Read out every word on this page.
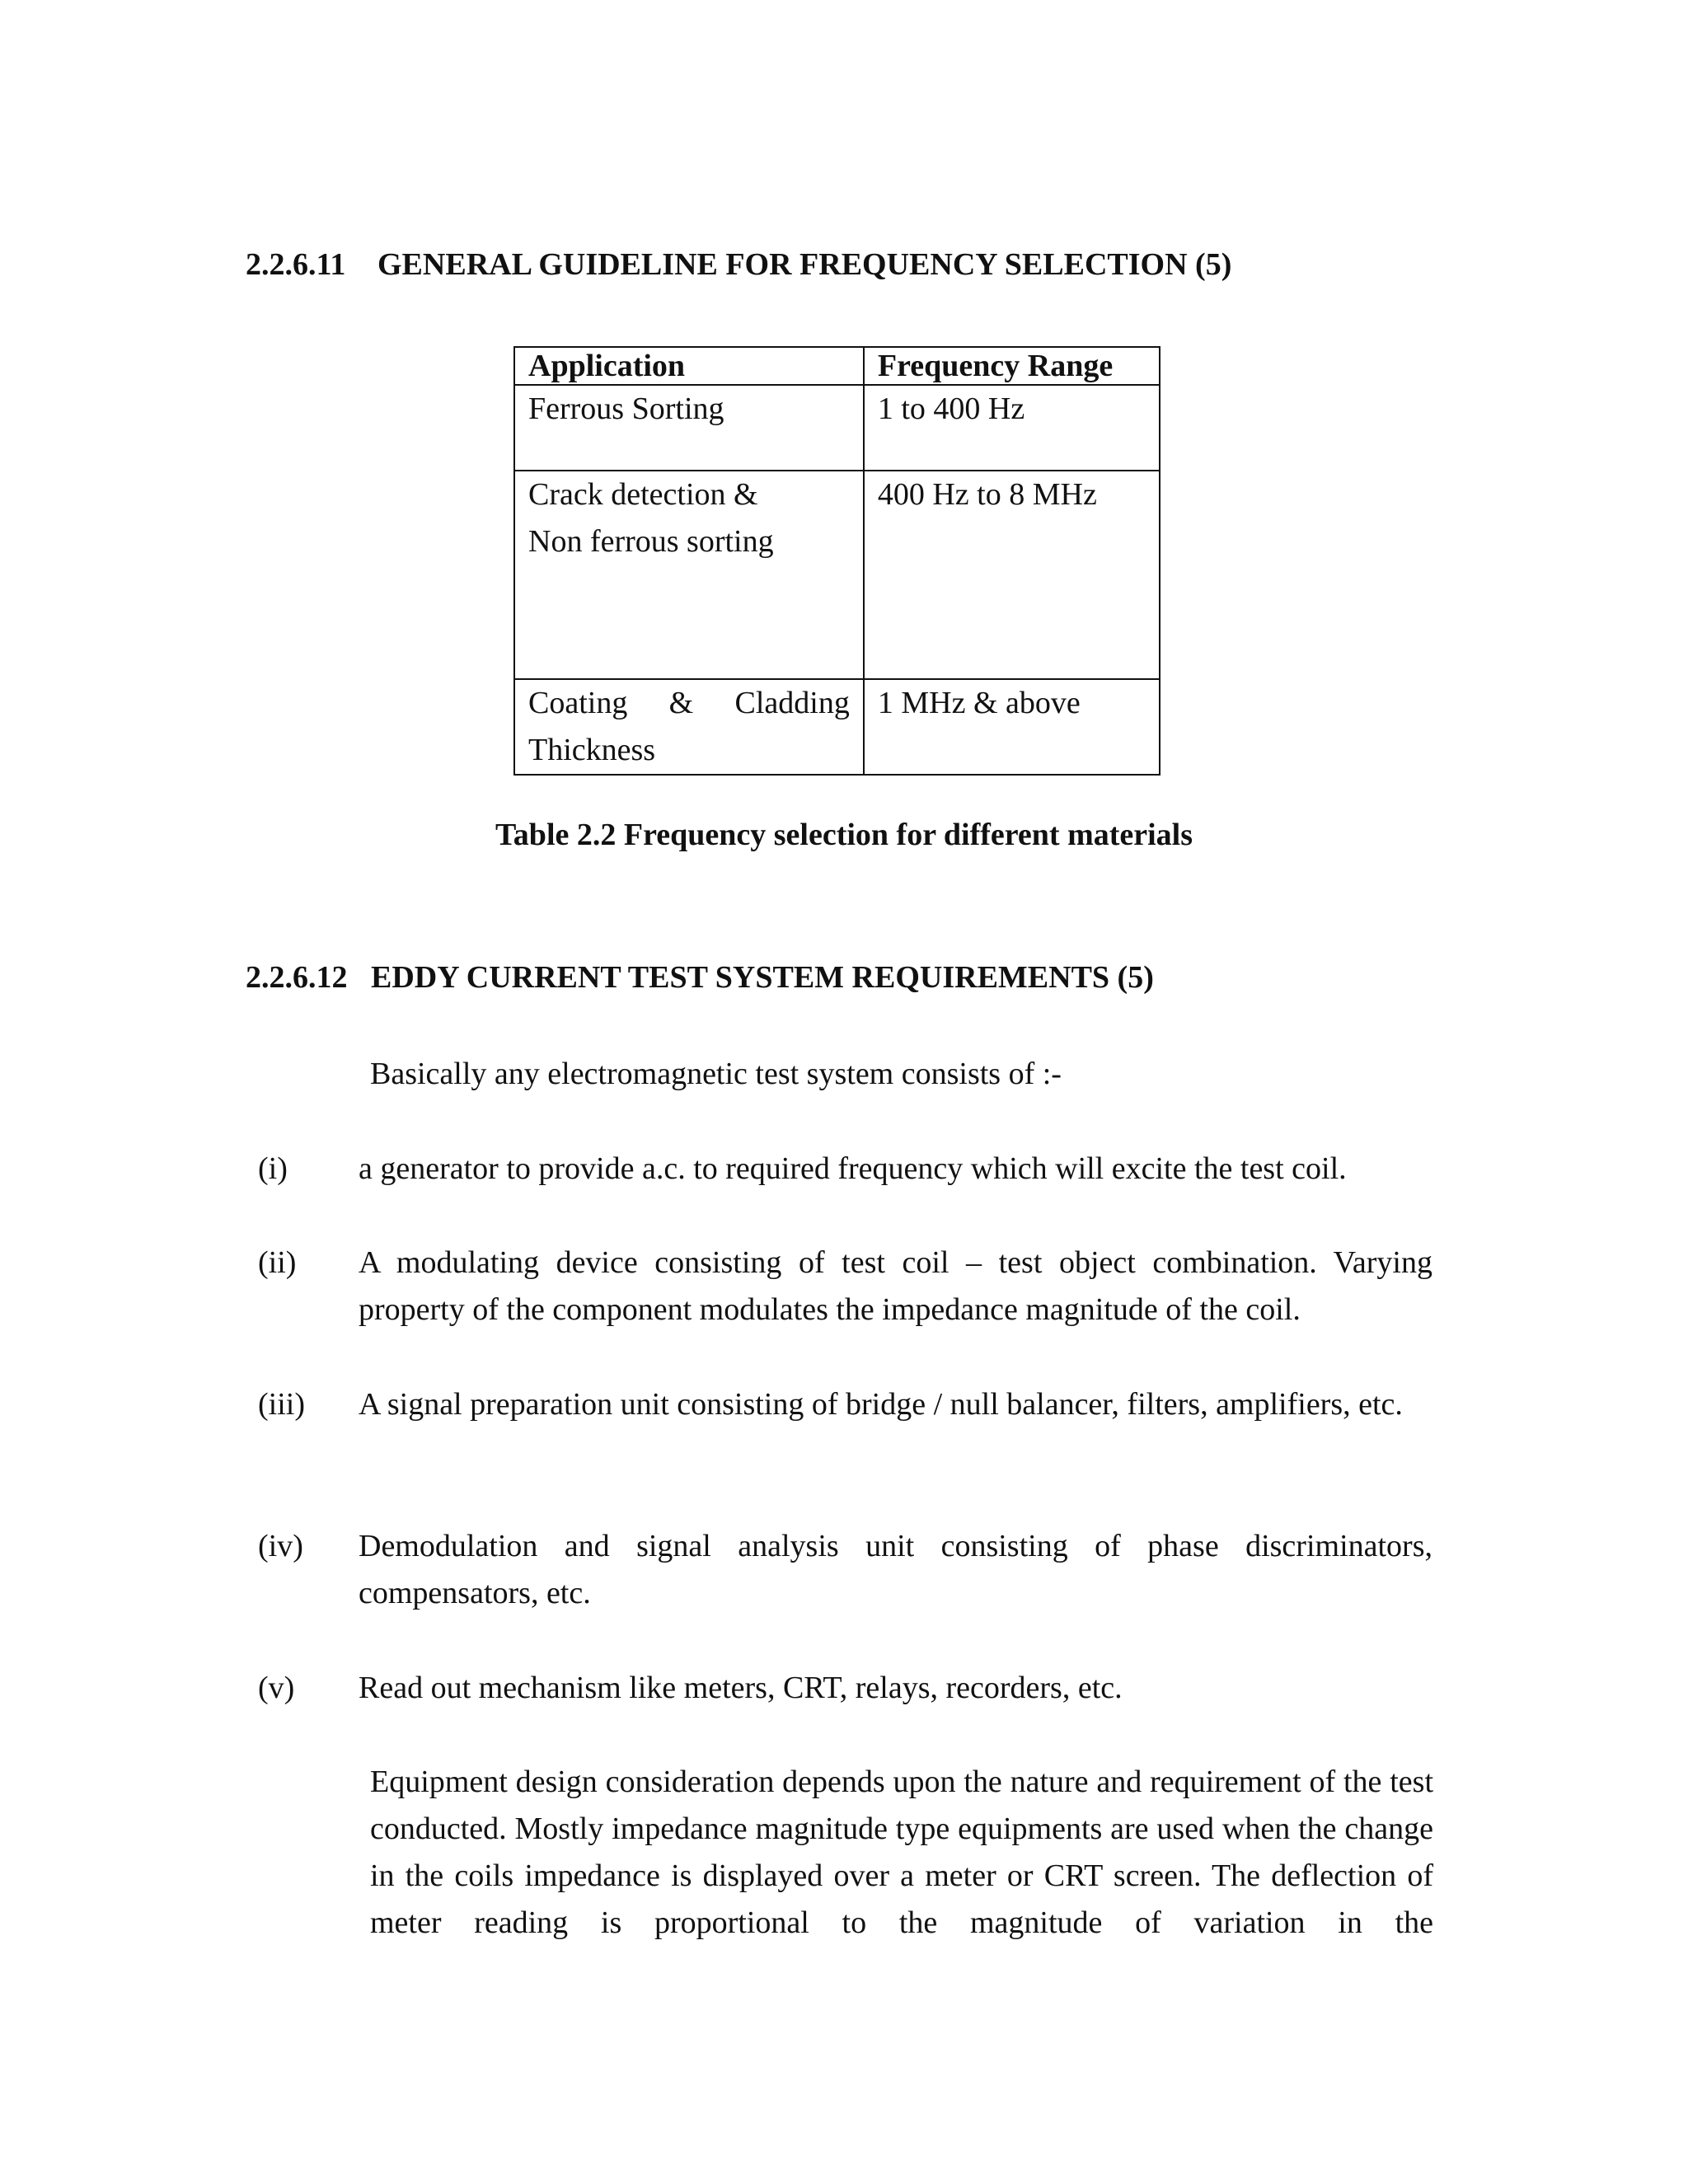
2.2.6.11 GENERAL GUIDELINE FOR FREQUENCY SELECTION (5)
Application	Frequency Range

Ferrous Sorting	1 to 400 Hz

Crack detection &
Non ferrous sorting	400 Hz to 8 MHz

Coating & Cladding
Thickness	1 MHz & above
Table 2.2 Frequency selection for different materials
2.2.6.12 EDDY CURRENT TEST SYSTEM REQUIREMENTS (5)
Basically any electromagnetic test system consists of :-
(i) a generator to provide a.c. to required frequency which will excite the test coil.
(ii) A modulating device consisting of test coil – test object combination. Varying property of the component modulates the impedance magnitude of the coil.
(iii) A signal preparation unit consisting of bridge / null balancer, filters, amplifiers, etc.
(iv) Demodulation and signal analysis unit consisting of phase discriminators, compensators, etc.
(v) Read out mechanism like meters, CRT, relays, recorders, etc.
Equipment design consideration depends upon the nature and requirement of the test conducted. Mostly impedance magnitude type equipments are used when the change in the coils impedance is displayed over a meter or CRT screen. The deflection of meter reading is proportional to the magnitude of variation in the
